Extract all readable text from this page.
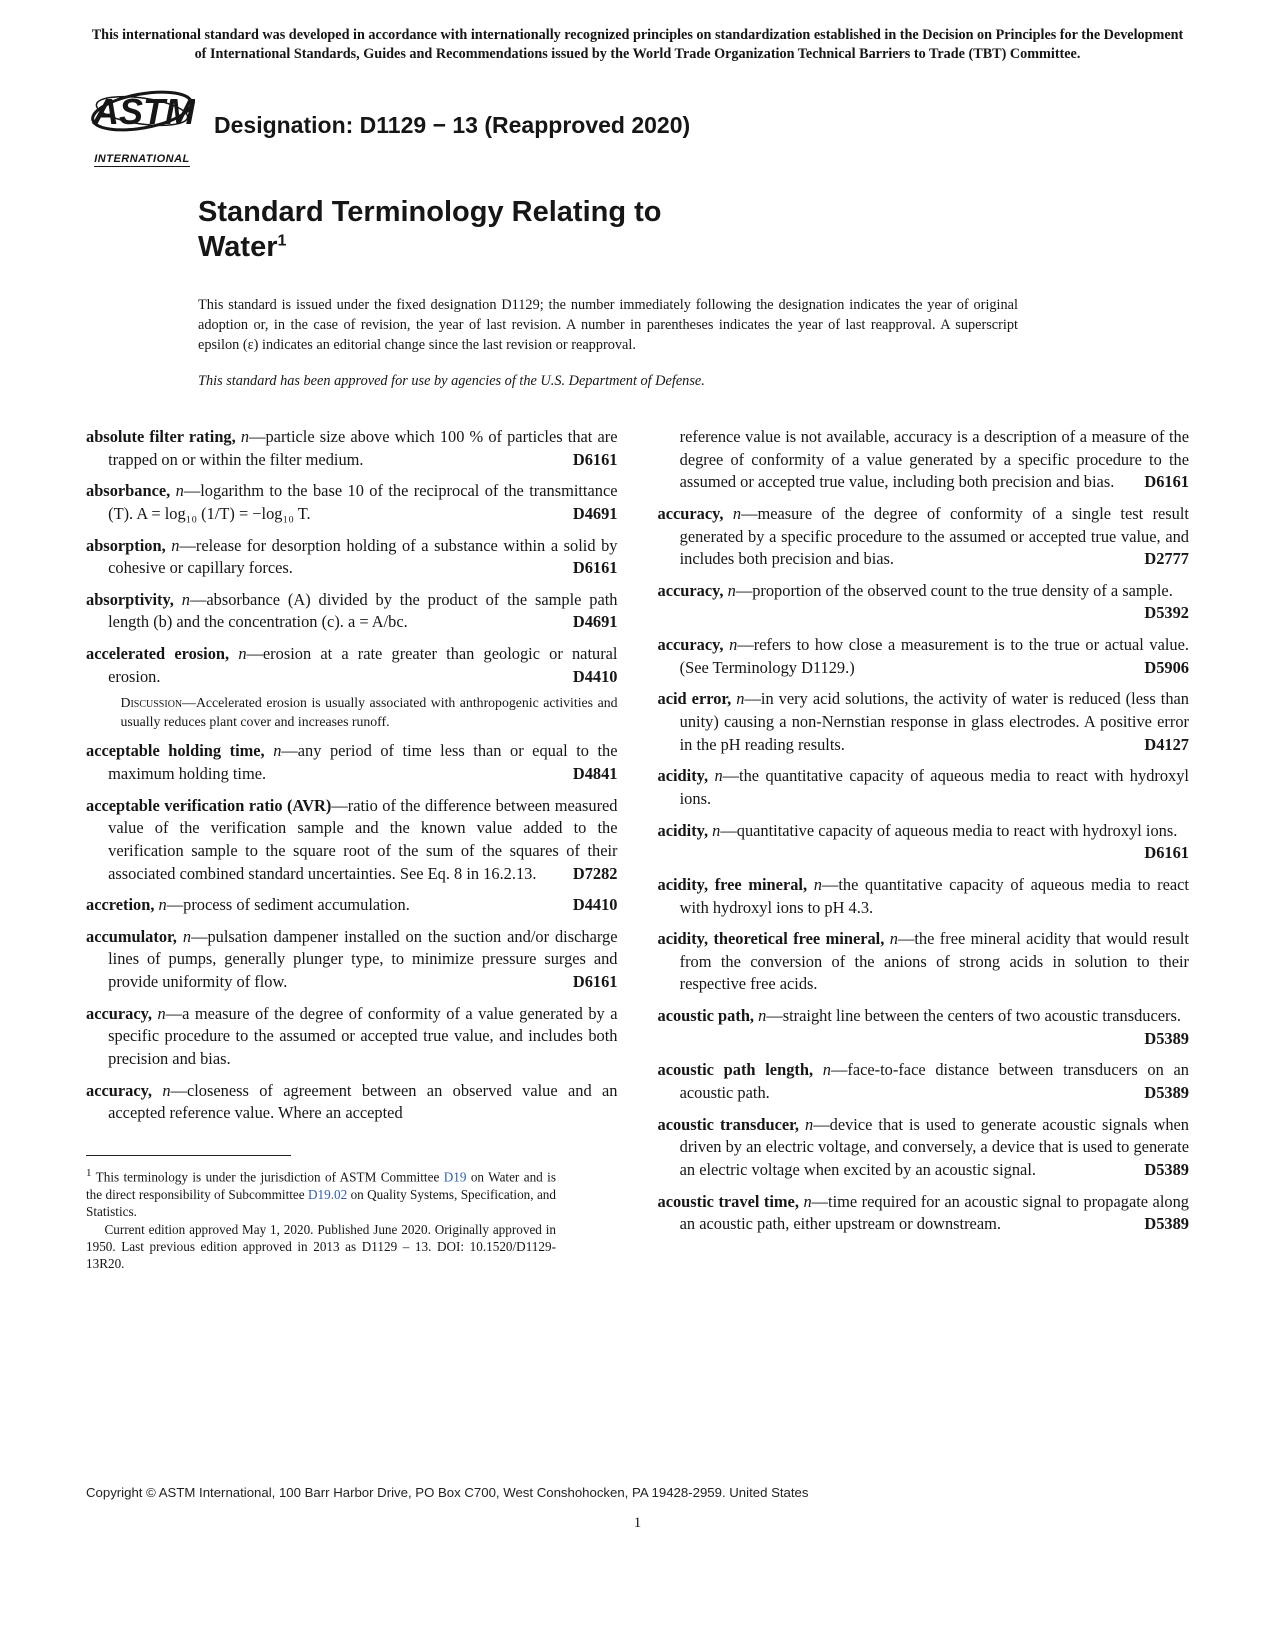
This international standard was developed in accordance with internationally recognized principles on standardization established in the Decision on Principles for the Development of International Standards, Guides and Recommendations issued by the World Trade Organization Technical Barriers to Trade (TBT) Committee.
ASTM
INTERNATIONAL
Designation: D1129 − 13 (Reapproved 2020)
Standard Terminology Relating to Water$^1$

This standard is issued under the fixed designation D1129; the number immediately following the designation indicates the year of original adoption or, in the case of revision, the year of last revision. A number in parentheses indicates the year of last reapproval. A superscript epsilon (ε) indicates an editorial change since the last revision or reapproval.

This standard has been approved for use by agencies of the U.S. Department of Defense.

absolute filter rating, n—particle size above which 100 % of particles that are trapped on or within the filter medium.	D6161

absorbance, n—logarithm to the base 10 of the reciprocal of the transmittance (T). A = log₁₀ (1/T) = −log₁₀ T.	D4691

absorption, n—release for desorption holding of a substance within a solid by cohesive or capillary forces.	D6161

absorptivity, n—absorbance (A) divided by the product of the sample path length (b) and the concentration (c). a = A/bc.	D4691

accelerated erosion, n—erosion at a rate greater than geologic or natural erosion.	D4410

Discussion—Accelerated erosion is usually associated with anthropogenic activities and usually reduces plant cover and increases runoff.

acceptable holding time, n—any period of time less than or equal to the maximum holding time.	D4841

acceptable verification ratio (AVR)—ratio of the difference between measured value of the verification sample and the known value added to the verification sample to the square root of the sum of the squares of their associated combined standard uncertainties. See Eq. 8 in 16.2.13. D7282

accretion, n—process of sediment accumulation.	D4410

accumulator, n—pulsation dampener installed on the suction and/or discharge lines of pumps, generally plunger type, to minimize pressure surges and provide uniformity of flow.	D6161

accuracy, n—a measure of the degree of conformity of a value generated by a specific procedure to the assumed or accepted true value, and includes both precision and bias.

accuracy, n—closeness of agreement between an observed value and an accepted reference value. Where an accepted

$^1$ This terminology is under the jurisdiction of ASTM Committee D19 on Water and is the direct responsibility of Subcommittee D19.02 on Quality Systems, Specification, and Statistics.

Current edition approved May 1, 2020. Published June 2020. Originally approved in 1950. Last previous edition approved in 2013 as D1129 – 13. DOI: 10.1520/D1129-13R20.

reference value is not available, accuracy is a description of a measure of the degree of conformity of a value generated by a specific procedure to the assumed or accepted true value, including both precision and bias. D6161

accuracy, n—measure of the degree of conformity of a single test result generated by a specific procedure to the assumed or accepted true value, and includes both precision and bias.	D2777

accuracy, n—proportion of the observed count to the true density of a sample.
D5392

accuracy, n—refers to how close a measurement is to the true or actual value. (See Terminology D1129.)	D5906

acid error, n—in very acid solutions, the activity of water is reduced (less than unity) causing a non-Nernstian response in glass electrodes. A positive error in the pH reading results.	D4127

acidity, n—the quantitative capacity of aqueous media to react with hydroxyl ions.

acidity, n—quantitative capacity of aqueous media to react with hydroxyl ions.
D6161

acidity, free mineral, n—the quantitative capacity of aqueous media to react with hydroxyl ions to pH 4.3.

acidity, theoretical free mineral, n—the free mineral acidity that would result from the conversion of the anions of strong acids in solution to their respective free acids.

acoustic path, n—straight line between the centers of two acoustic transducers.
D5389

acoustic path length, n—face-to-face distance between transducers on an acoustic path.	D5389

acoustic transducer, n—device that is used to generate acoustic signals when driven by an electric voltage, and conversely, a device that is used to generate an electric voltage when excited by an acoustic signal.	D5389

acoustic travel time, n—time required for an acoustic signal to propagate along an acoustic path, either upstream or downstream.	D5389

Copyright © ASTM International, 100 Barr Harbor Drive, PO Box C700, West Conshohocken, PA 19428-2959. United States
1
